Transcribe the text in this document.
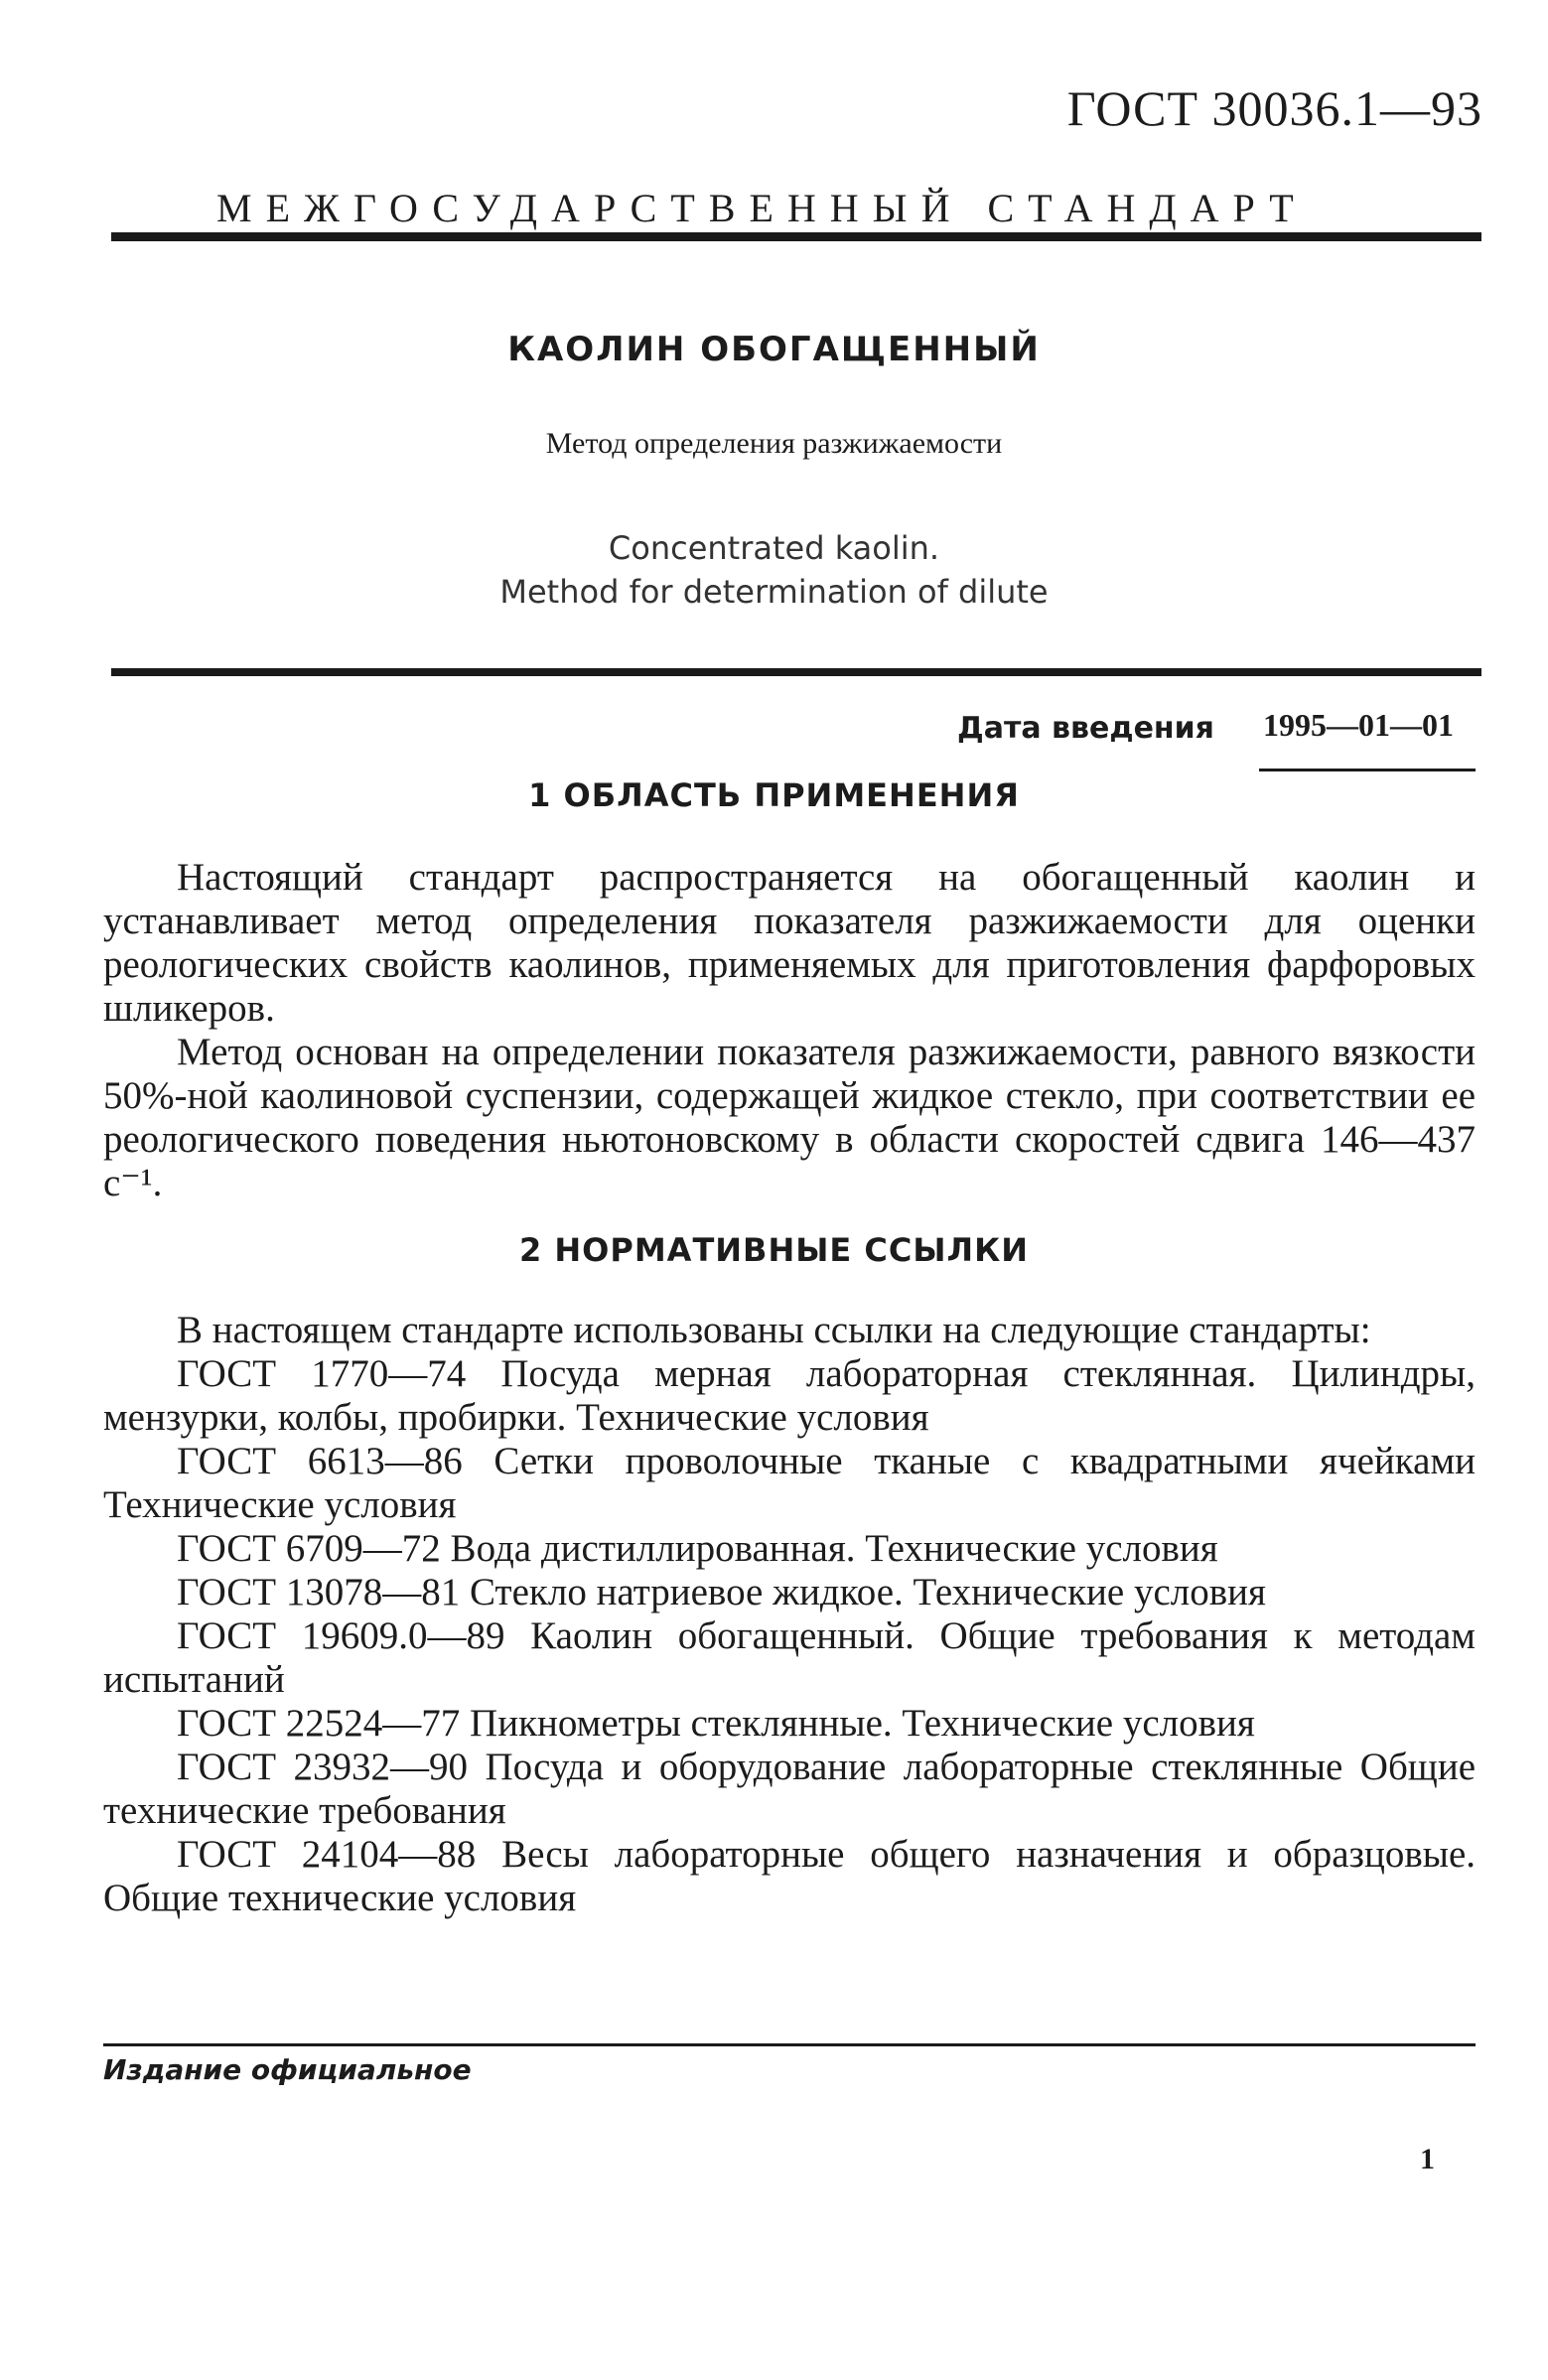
ГОСТ 30036.1—93
МЕЖГОСУДАРСТВЕННЫЙ СТАНДАРТ
КАОЛИН ОБОГАЩЕННЫЙ
Метод определения разжижаемости
Concentrated kaolin.
Method for determination of dilute
Дата введения 1995—01—01
1 ОБЛАСТЬ ПРИМЕНЕНИЯ

Настоящий стандарт распространяется на обогащенный каолин и устанавливает метод определения показателя разжижаемости для оценки реологических свойств каолинов, применяемых для приготовления фарфоровых шликеров.

Метод основан на определении показателя разжижаемости, равного вязкости 50%-ной каолиновой суспензии, содержащей жидкое стекло, при соответствии ее реологического поведения ньютоновскому в области скоростей сдвига 146—437 с⁻¹.

2 НОРМАТИВНЫЕ ССЫЛКИ

В настоящем стандарте использованы ссылки на следующие стандарты:

ГОСТ 1770—74 Посуда мерная лабораторная стеклянная. Цилиндры, мензурки, колбы, пробирки. Технические условия

ГОСТ 6613—86 Сетки проволочные тканые с квадратными ячейками Технические условия

ГОСТ 6709—72 Вода дистиллированная. Технические условия

ГОСТ 13078—81 Стекло натриевое жидкое. Технические условия

ГОСТ 19609.0—89 Каолин обогащенный. Общие требования к методам испытаний

ГОСТ 22524—77 Пикнометры стеклянные. Технические условия

ГОСТ 23932—90 Посуда и оборудование лабораторные стеклянные Общие технические требования

ГОСТ 24104—88 Весы лабораторные общего назначения и образцовые. Общие технические условия

Издание официальное
1
